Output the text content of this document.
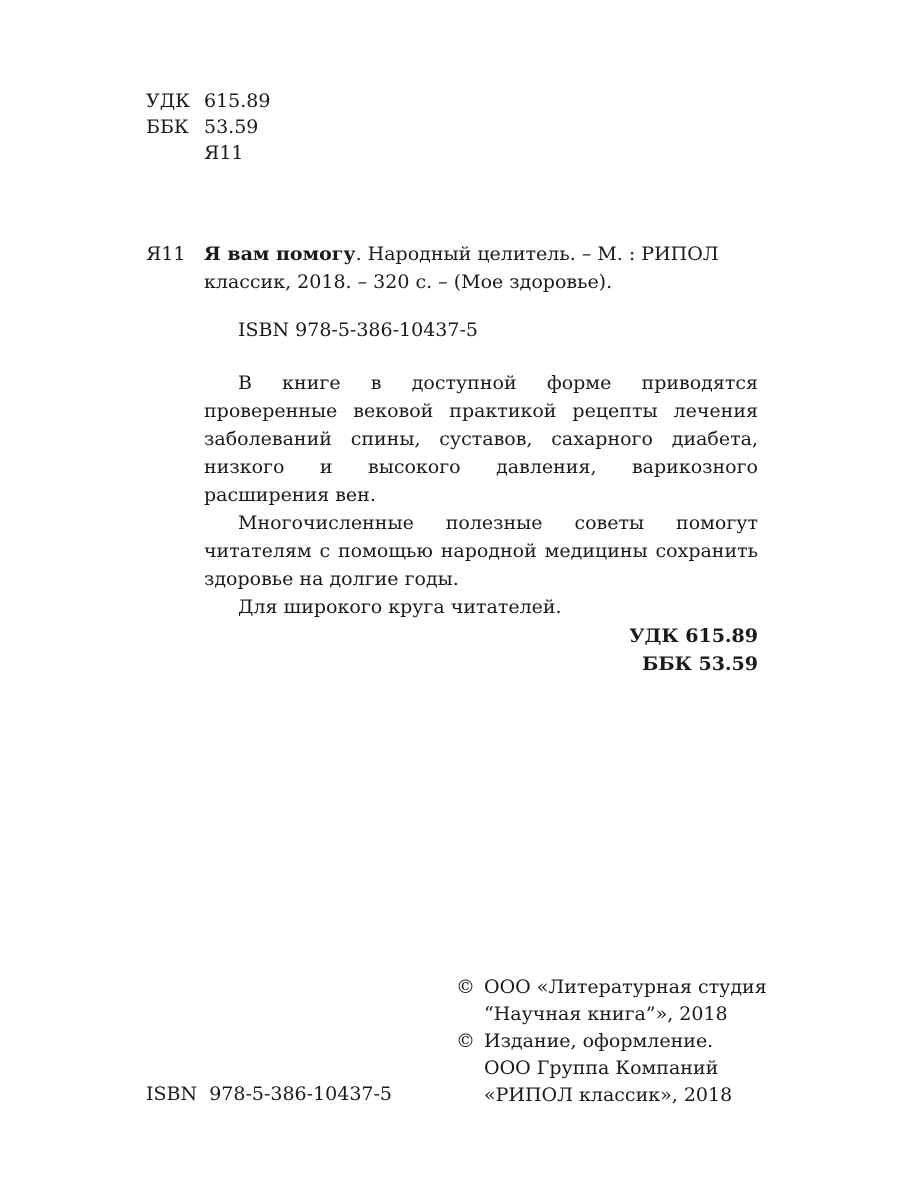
УДК 615.89
ББК 53.59
Я11
Я11 Я вам помогу. Народный целитель. – М. : РИПОЛ
классик, 2018. – 320 с. – (Мое здоровье).
ISBN 978-5-386-10437-5

В книге в доступной форме приводятся проверенные вековой практикой рецепты лечения заболеваний спины, суставов, сахарного диабета, низкого и высокого давления, варикозного расширения вен.

Многочисленные полезные советы помогут читателям с помощью народной медицины сохранить здоровье на долгие годы.

Для широкого круга читателей.

УДК 615.89
ББК 53.59
© ООО «Литературная студия
“Научная книга”», 2018
© Издание, оформление.
ООО Группа Компаний
«РИПОЛ классик», 2018
ISBN  978-5-386-10437-5
